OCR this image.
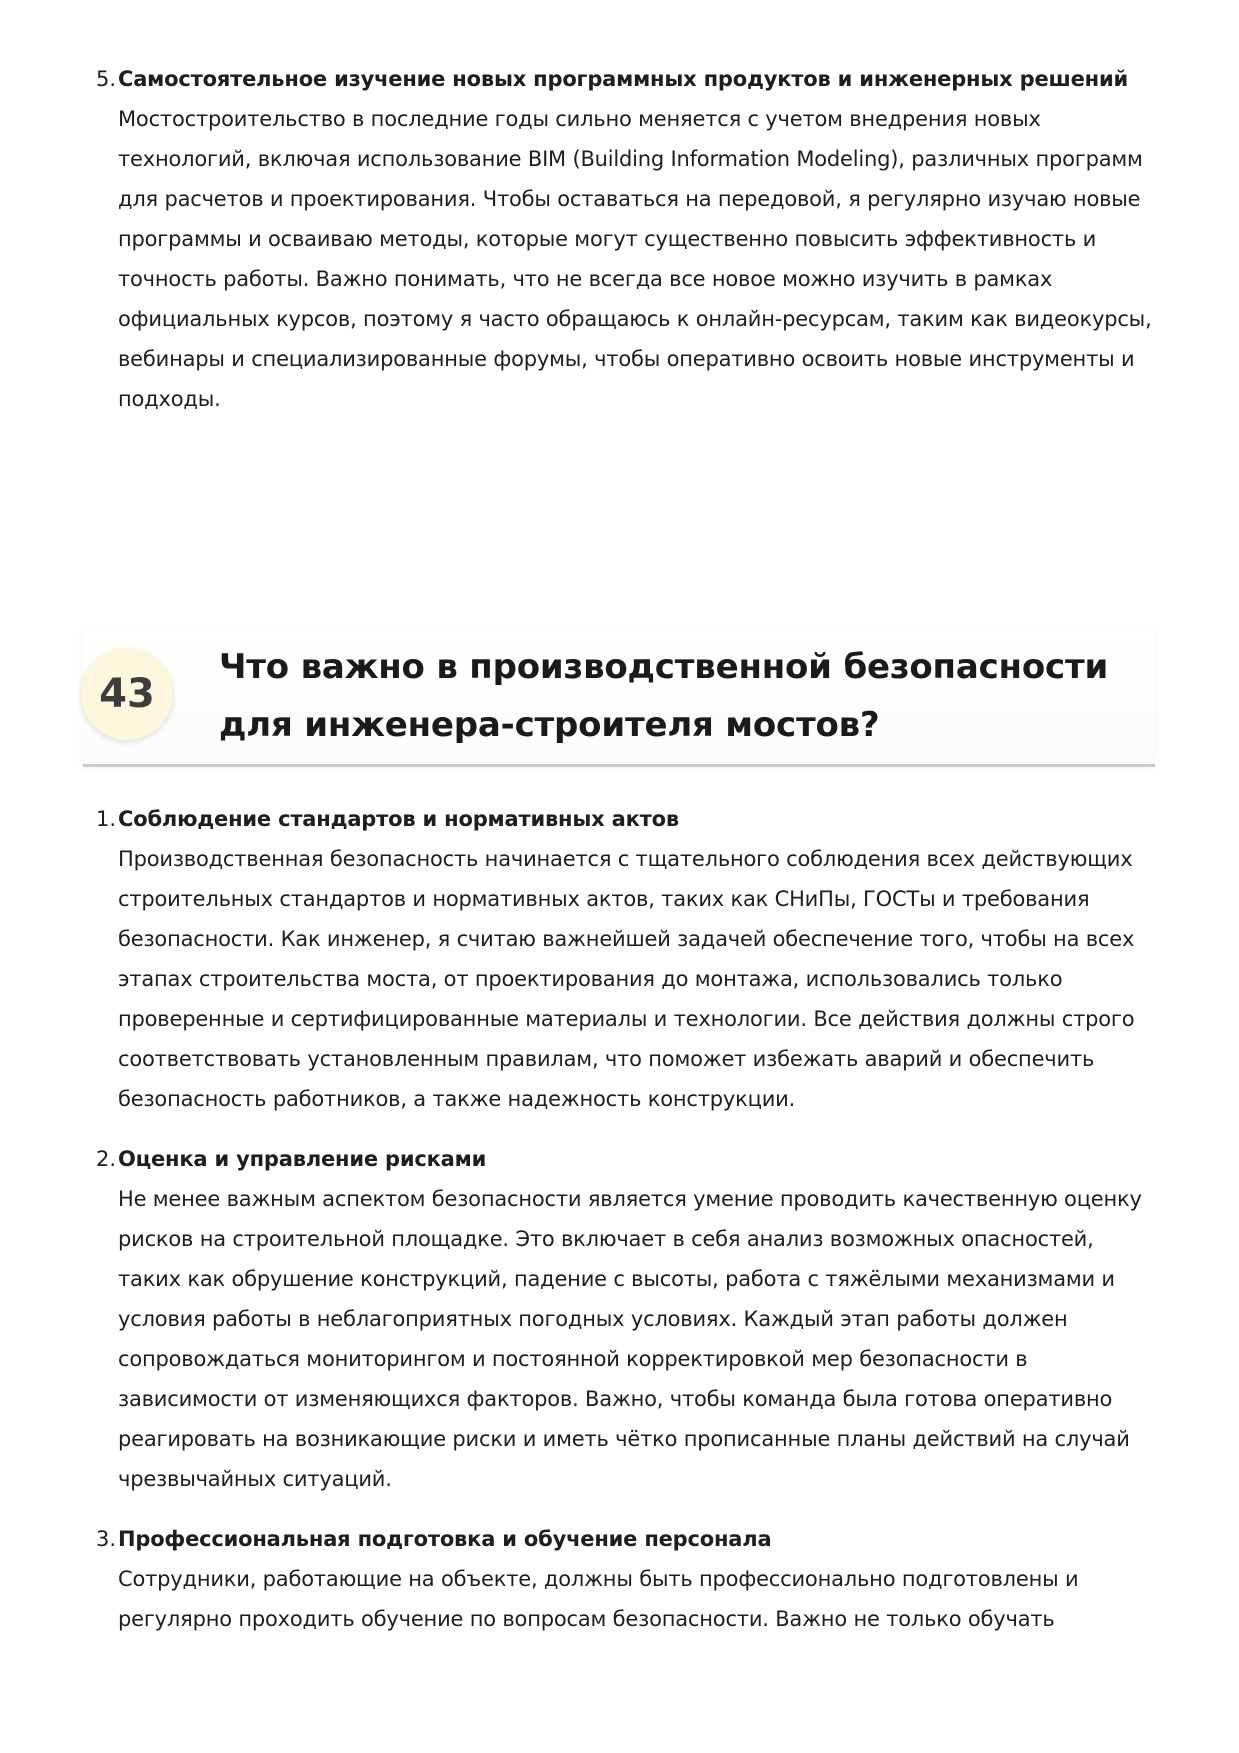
5. Самостоятельное изучение новых программных продуктов и инженерных решений
Мостостроительство в последние годы сильно меняется с учетом внедрения новых технологий, включая использование BIM (Building Information Modeling), различных программ для расчетов и проектирования. Чтобы оставаться на передовой, я регулярно изучаю новые программы и осваиваю методы, которые могут существенно повысить эффективность и точность работы. Важно понимать, что не всегда все новое можно изучить в рамках официальных курсов, поэтому я часто обращаюсь к онлайн-ресурсам, таким как видеокурсы, вебинары и специализированные форумы, чтобы оперативно освоить новые инструменты и подходы.
43
Что важно в производственной безопасности для инженера-строителя мостов?
1. Соблюдение стандартов и нормативных актов
Производственная безопасность начинается с тщательного соблюдения всех действующих строительных стандартов и нормативных актов, таких как СНиПы, ГОСТы и требования безопасности. Как инженер, я считаю важнейшей задачей обеспечение того, чтобы на всех этапах строительства моста, от проектирования до монтажа, использовались только проверенные и сертифицированные материалы и технологии. Все действия должны строго соответствовать установленным правилам, что поможет избежать аварий и обеспечить безопасность работников, а также надежность конструкции.
2. Оценка и управление рисками
Не менее важным аспектом безопасности является умение проводить качественную оценку рисков на строительной площадке. Это включает в себя анализ возможных опасностей, таких как обрушение конструкций, падение с высоты, работа с тяжёлыми механизмами и условия работы в неблагоприятных погодных условиях. Каждый этап работы должен сопровождаться мониторингом и постоянной корректировкой мер безопасности в зависимости от изменяющихся факторов. Важно, чтобы команда была готова оперативно реагировать на возникающие риски и иметь чётко прописанные планы действий на случай чрезвычайных ситуаций.
3. Профессиональная подготовка и обучение персонала
Сотрудники, работающие на объекте, должны быть профессионально подготовлены и регулярно проходить обучение по вопросам безопасности. Важно не только обучать
